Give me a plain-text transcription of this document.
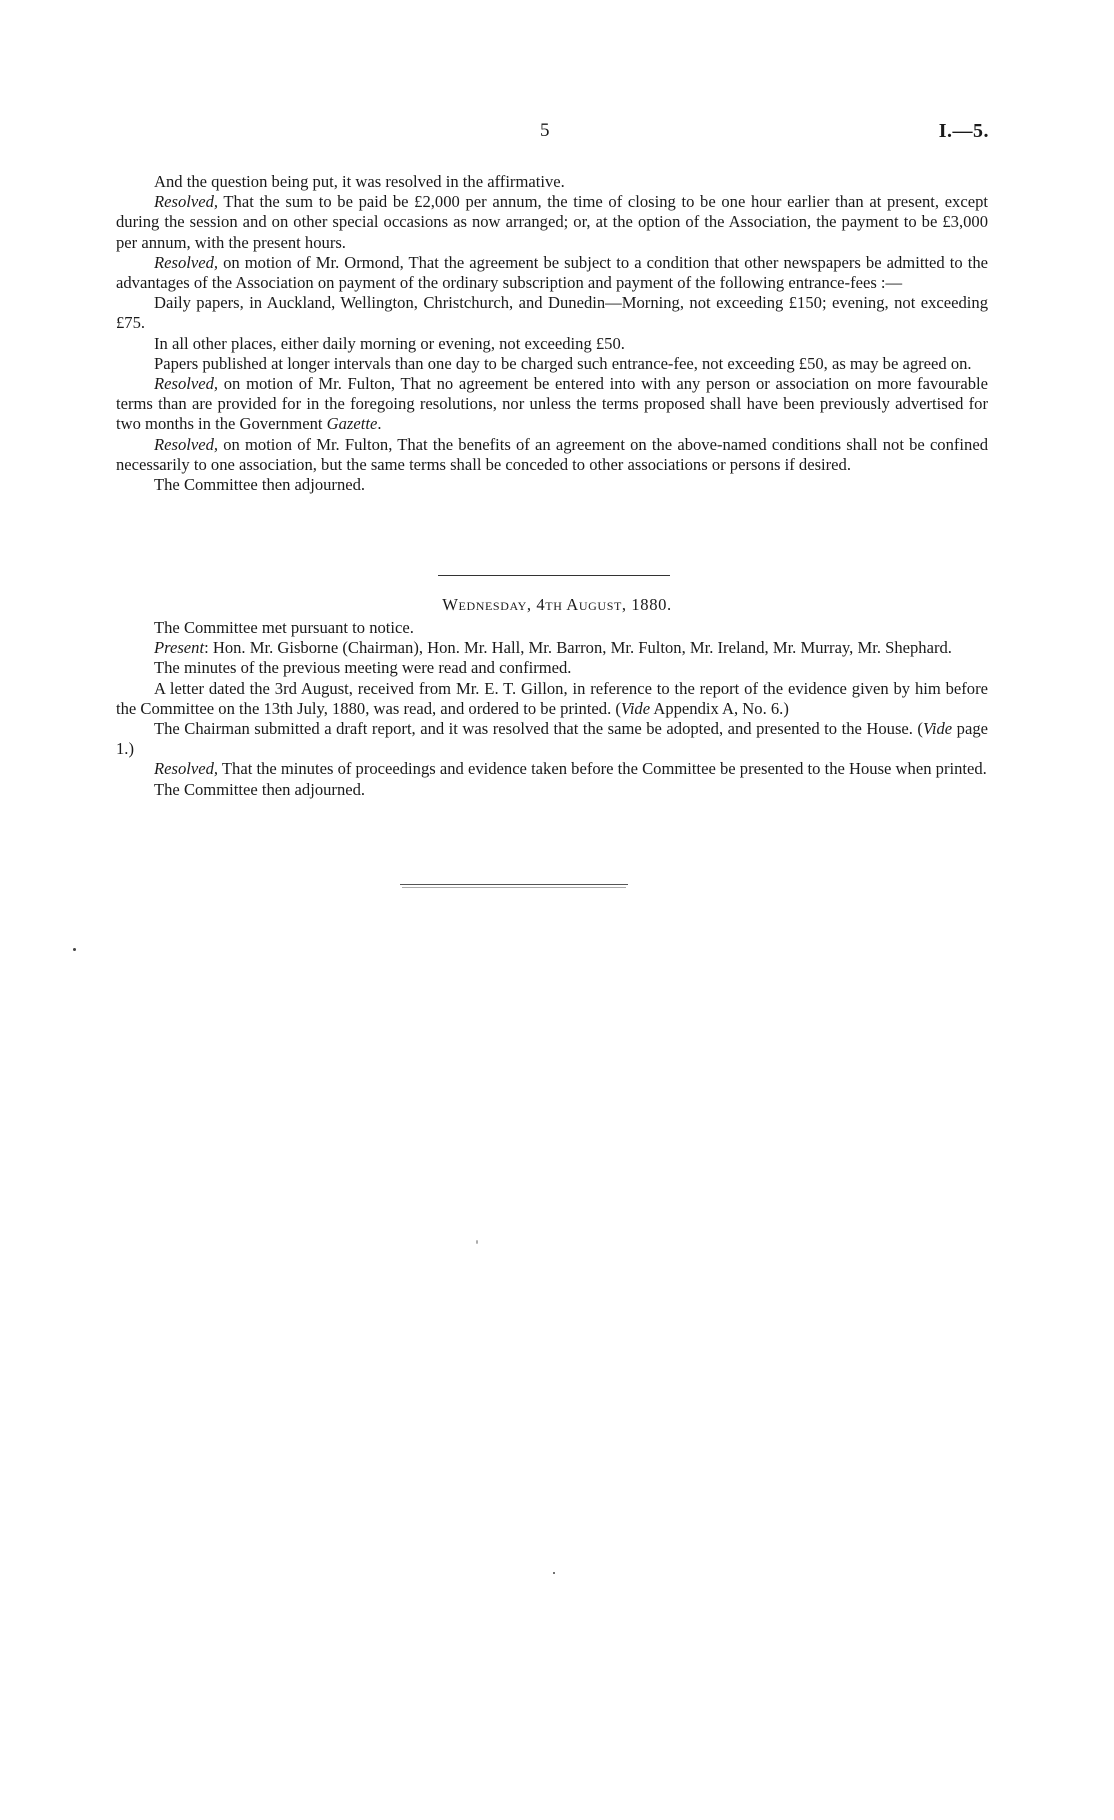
5	I.—5.

And the question being put, it was resolved in the affirmative.

Resolved, That the sum to be paid be £2,000 per annum, the time of closing to be one hour earlier than at present, except during the session and on other special occasions as now arranged; or, at the option of the Association, the payment to be £3,000 per annum, with the present hours.

Resolved, on motion of Mr. Ormond, That the agreement be subject to a condition that other newspapers be admitted to the advantages of the Association on payment of the ordinary subscription and payment of the following entrance-fees :—

Daily papers, in Auckland, Wellington, Christchurch, and Dunedin—Morning, not exceeding £150; evening, not exceeding £75.

In all other places, either daily morning or evening, not exceeding £50.

Papers published at longer intervals than one day to be charged such entrance-fee, not exceeding £50, as may be agreed on.

Resolved, on motion of Mr. Fulton, That no agreement be entered into with any person or association on more favourable terms than are provided for in the foregoing resolutions, nor unless the terms proposed shall have been previously advertised for two months in the Government Gazette.

Resolved, on motion of Mr. Fulton, That the benefits of an agreement on the above-named conditions shall not be confined necessarily to one association, but the same terms shall be conceded to other associations or persons if desired.

The Committee then adjourned.

Wednesday, 4th August, 1880.

The Committee met pursuant to notice.

Present: Hon. Mr. Gisborne (Chairman), Hon. Mr. Hall, Mr. Barron, Mr. Fulton, Mr. Ireland, Mr. Murray, Mr. Shephard.

The minutes of the previous meeting were read and confirmed.

A letter dated the 3rd August, received from Mr. E. T. Gillon, in reference to the report of the evidence given by him before the Committee on the 13th July, 1880, was read, and ordered to be printed. (Vide Appendix A, No. 6.)

The Chairman submitted a draft report, and it was resolved that the same be adopted, and presented to the House. (Vide page 1.)

Resolved, That the minutes of proceedings and evidence taken before the Committee be presented to the House when printed.

The Committee then adjourned.
